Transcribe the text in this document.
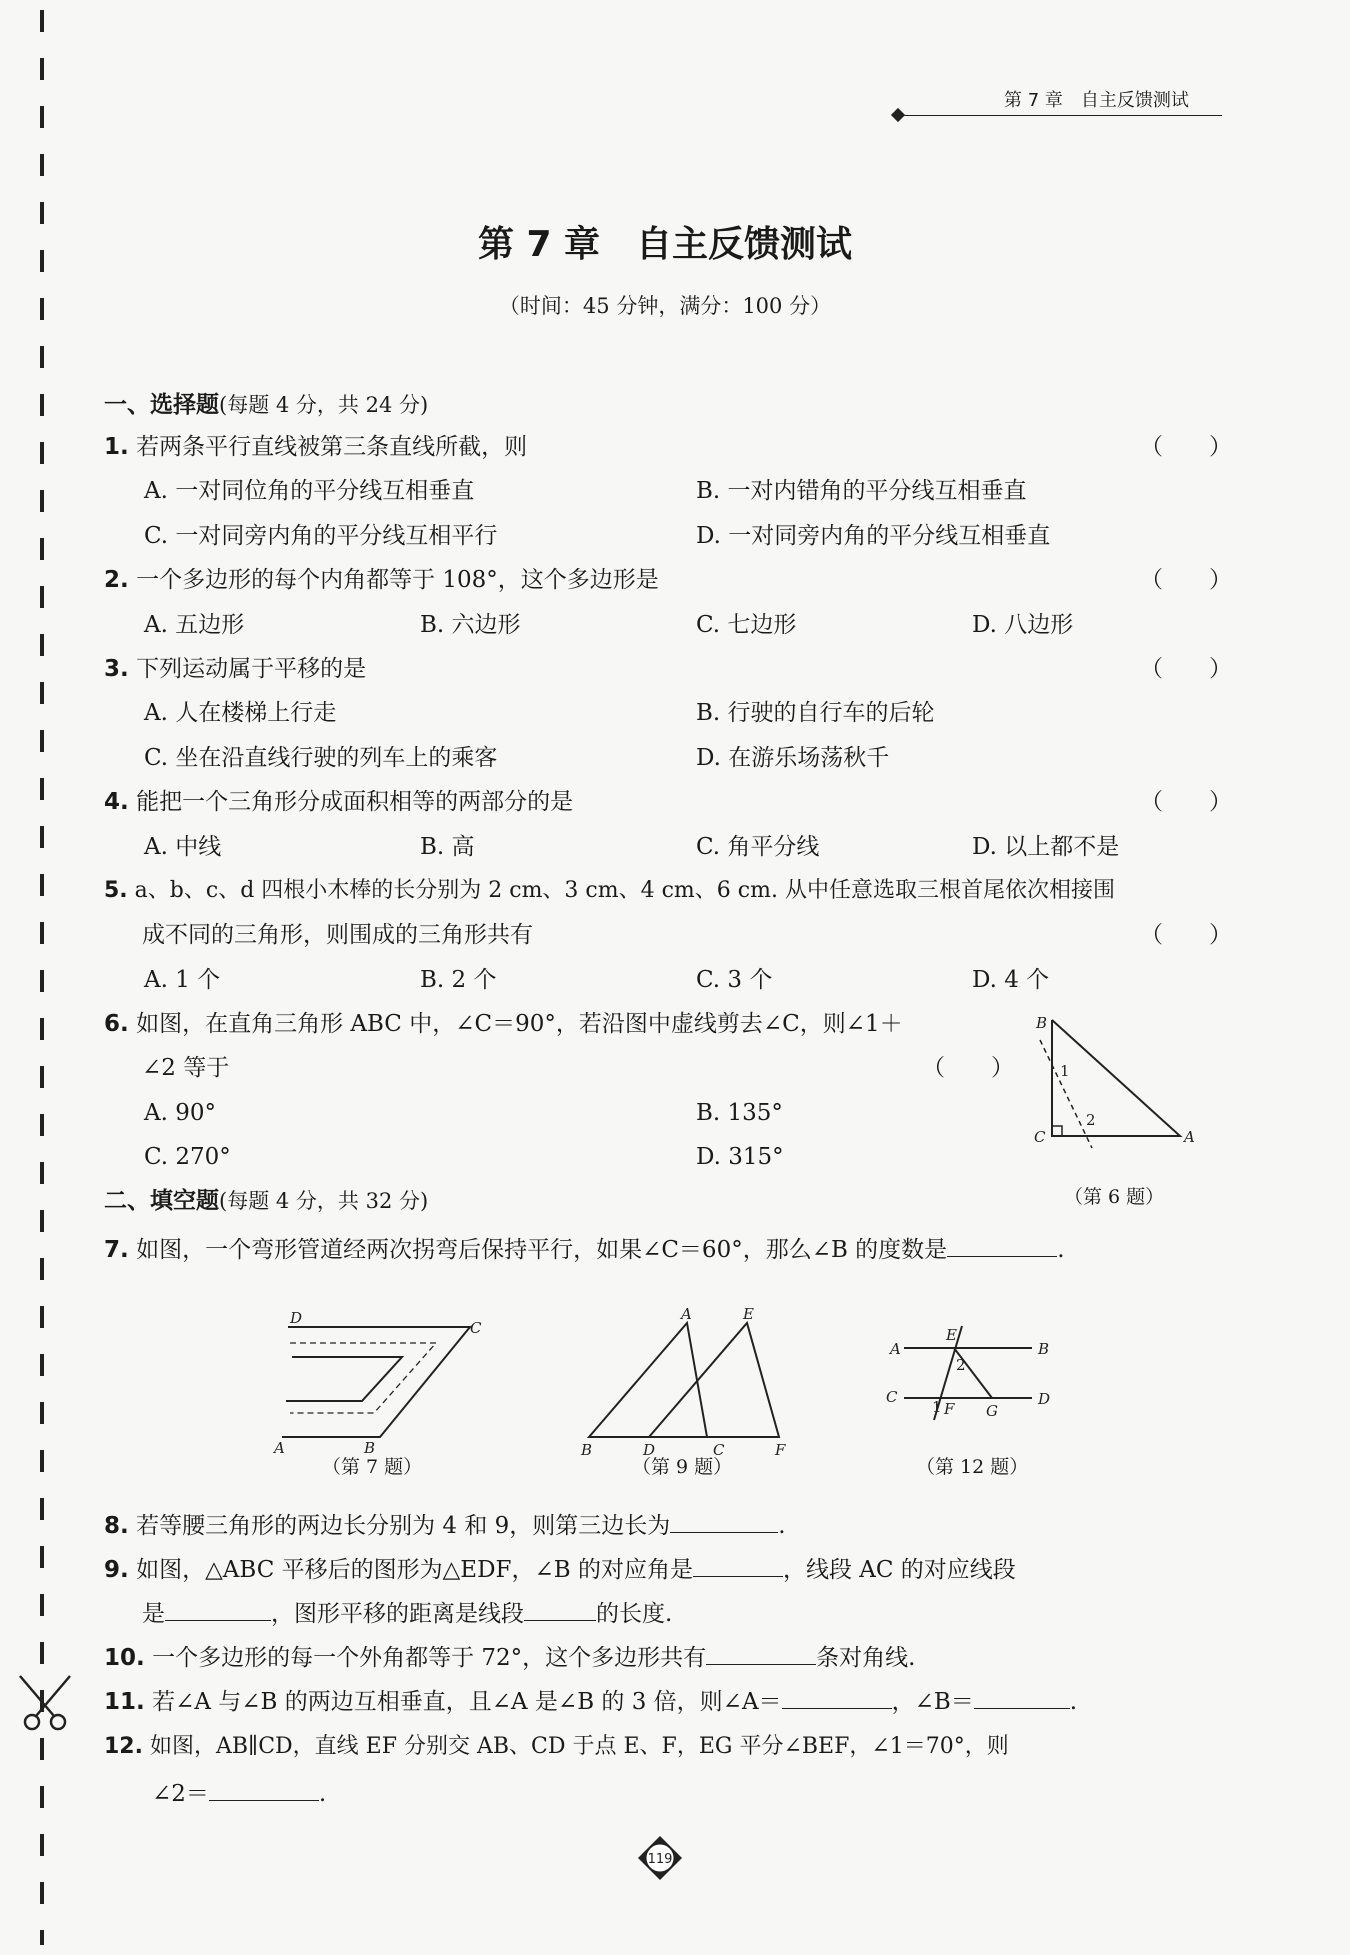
第 7 章　自主反馈测试
第 7 章　自主反馈测试
（时间：45 分钟，满分：100 分）
一、选择题(每题 4 分，共 24 分)
1. 若两条平行直线被第三条直线所截，则	（　　）
A. 一对同位角的平分线互相垂直	B. 一对内错角的平分线互相垂直
C. 一对同旁内角的平分线互相平行	D. 一对同旁内角的平分线互相垂直
2. 一个多边形的每个内角都等于 108°，这个多边形是	（　　）
A. 五边形	B. 六边形	C. 七边形	D. 八边形
3. 下列运动属于平移的是	（　　）
A. 人在楼梯上行走	B. 行驶的自行车的后轮
C. 坐在沿直线行驶的列车上的乘客	D. 在游乐场荡秋千
4. 能把一个三角形分成面积相等的两部分的是	（　　）
A. 中线	B. 高	C. 角平分线	D. 以上都不是
5. a、b、c、d 四根小木棒的长分别为 2 cm、3 cm、4 cm、6 cm. 从中任意选取三根首尾依次相接围
成不同的三角形，则围成的三角形共有	（　　）
A. 1 个	B. 2 个	C. 3 个	D. 4 个
6. 如图，在直角三角形 ABC 中，∠C＝90°，若沿图中虚线剪去∠C，则∠1＋
∠2 等于	（　　）
A. 90°	B. 135°
C. 270°	D. 315°
B
1
2
C	A
（第 6 题）
二、填空题(每题 4 分，共 32 分)
7. 如图，一个弯形管道经两次拐弯后保持平行，如果∠C＝60°，那么∠B 的度数是	.
D
C
A	B
（第 7 题）
A	E
B	D	C	F
（第 9 题）
A	B
C	D
E
F G
2
1
（第 12 题）
8. 若等腰三角形的两边长分别为 4 和 9，则第三边长为	.
9. 如图，△ABC 平移后的图形为△EDF，∠B 的对应角是	，线段 AC 的对应线段
是	，图形平移的距离是线段	的长度.
10. 一个多边形的每一个外角都等于 72°，这个多边形共有	条对角线.
11. 若∠A 与∠B 的两边互相垂直，且∠A 是∠B 的 3 倍，则∠A＝	，∠B＝	.
12. 如图，AB∥CD，直线 EF 分别交 AB、CD 于点 E、F，EG 平分∠BEF，∠1＝70°，则
∠2＝	.
119
